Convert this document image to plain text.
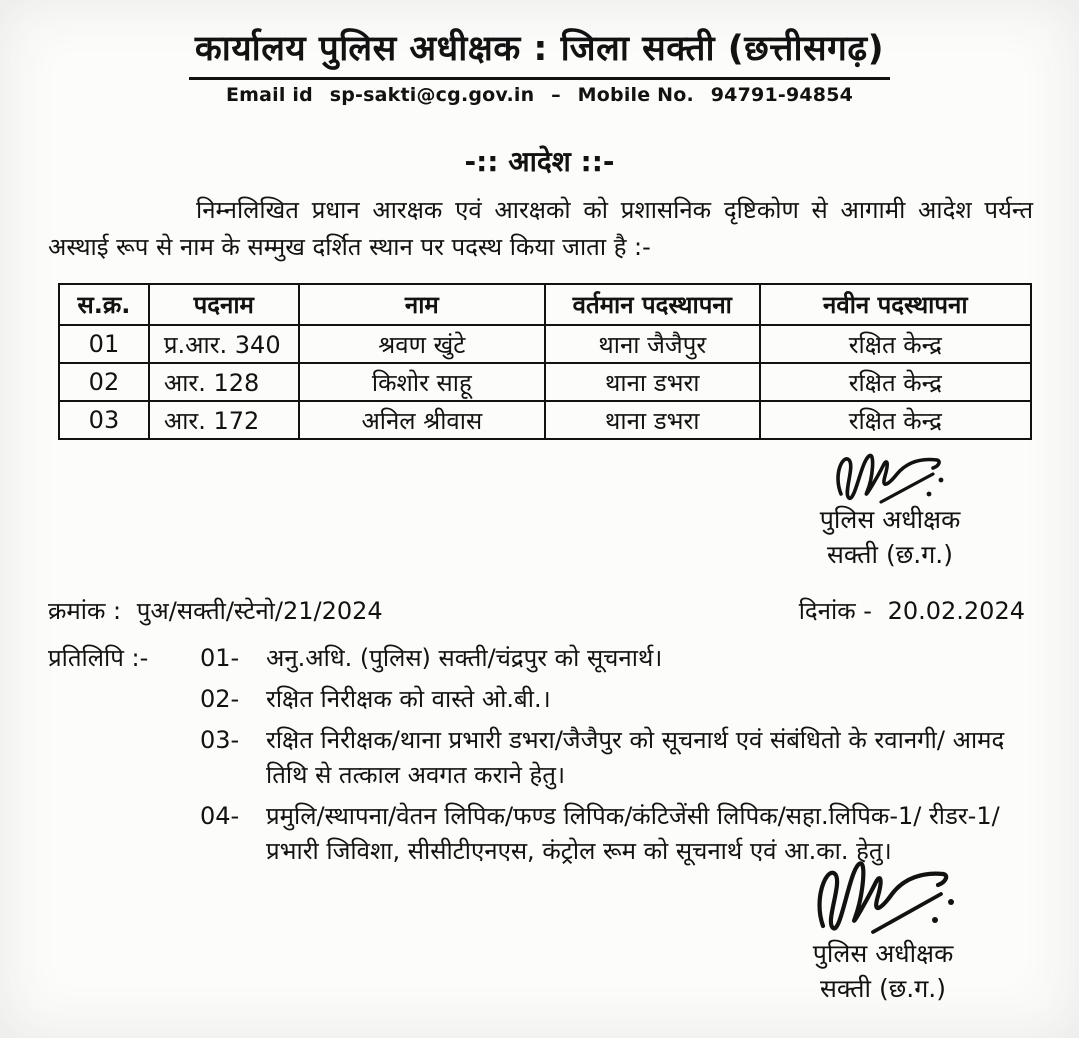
कार्यालय पुलिस अधीक्षक : जिला सक्ती (छत्तीसगढ़)
Email id sp-sakti@cg.gov.in – Mobile No. 94791-94854
-:: आदेश ::-
निम्नलिखित प्रधान आरक्षक एवं आरक्षको को प्रशासनिक दृष्टिकोण से आगामी आदेश पर्यन्त अस्थाई रूप से नाम के सम्मुख दर्शित स्थान पर पदस्थ किया जाता है :-
स.क्र.	पदनाम	नाम	वर्तमान पदस्थापना	नवीन पदस्थापना
01	प्र.आर. 340	श्रवण खुंटे	थाना जैजैपुर	रक्षित केन्द्र
02	आर. 128	किशोर साहू	थाना डभरा	रक्षित केन्द्र
03	आर. 172	अनिल श्रीवास	थाना डभरा	रक्षित केन्द्र
पुलिस अधीक्षक
सक्ती (छ.ग.)
क्रमांक : पुअ/सक्ती/स्टेनो/21/2024	दिनांक - 20.02.2024
प्रतिलिपि :-	01-	अनु.अधि. (पुलिस) सक्ती/चंद्रपुर को सूचनार्थ।
02-	रक्षित निरीक्षक को वास्ते ओ.बी.।
03-	रक्षित निरीक्षक/थाना प्रभारी डभरा/जैजैपुर को सूचनार्थ एवं संबंधितो के रवानगी/ आमद तिथि से तत्काल अवगत कराने हेतु।
04-	प्रमुलि/स्थापना/वेतन लिपिक/फण्ड लिपिक/कंटिजेंसी लिपिक/सहा.लिपिक-1/ रीडर-1/प्रभारी जिविशा, सीसीटीएनएस, कंट्रोल रूम को सूचनार्थ एवं आ.का. हेतु।
पुलिस अधीक्षक
सक्ती (छ.ग.)
